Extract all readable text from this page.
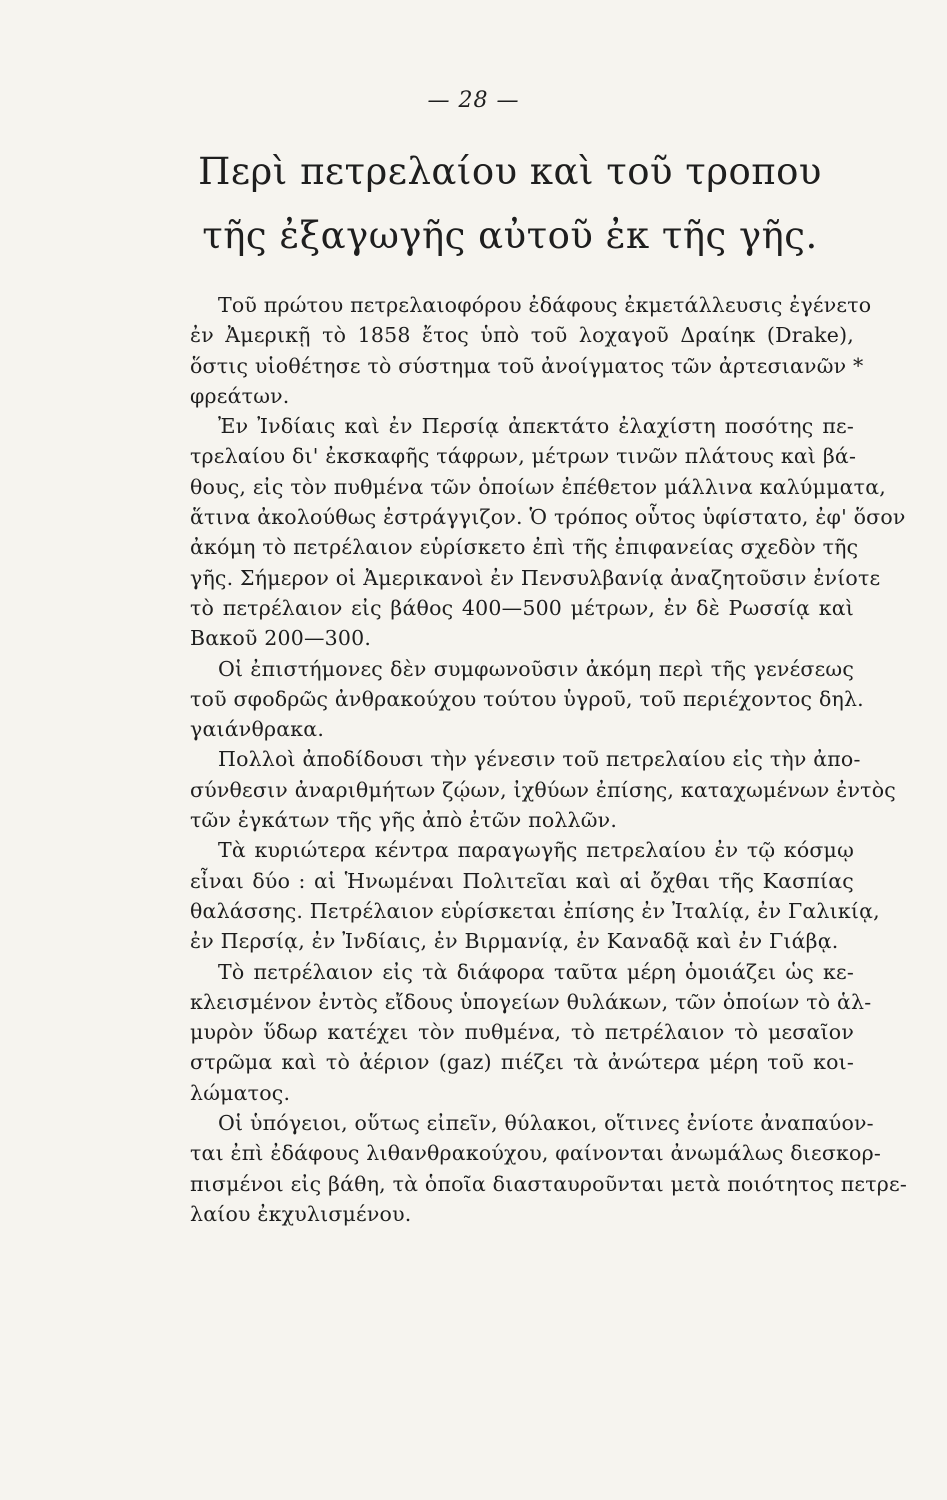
— 28 —
Περὶ πετρελαίου καὶ τοῦ τροπου
τῆς ἐξαγωγῆς αὐτοῦ ἐκ τῆς γῆς.
Τοῦ πρώτου πετρελαιοφόρου ἐδάφους ἐκμετάλλευσις ἐγένετο
ἐν Ἀμερικῇ τὸ 1858 ἔτος ὑπὸ τοῦ λοχαγοῦ Δραίηκ (Drake),
ὅστις υἱοθέτησε τὸ σύστημα τοῦ ἀνοίγματος τῶν ἀρτεσιανῶν *
φρεάτων.
Ἐν Ἰνδίαις καὶ ἐν Περσίᾳ ἀπεκτάτο ἐλαχίστη ποσότης πε-
τρελαίου δι' ἐκσκαφῆς τάφρων, μέτρων τινῶν πλάτους καὶ βά-
θους, εἰς τὸν πυθμένα τῶν ὁποίων ἐπέθετον μάλλινα καλύμματα,
ἅτινα ἀκολούθως ἐστράγγιζον. Ὁ τρόπος οὗτος ὑφίστατο, ἐφ' ὅσον
ἀκόμη τὸ πετρέλαιον εὑρίσκετο ἐπὶ τῆς ἐπιφανείας σχεδὸν τῆς
γῆς. Σήμερον οἱ Ἀμερικανοὶ ἐν Πενσυλβανίᾳ ἀναζητοῦσιν ἐνίοτε
τὸ πετρέλαιον εἰς βάθος 400—500 μέτρων, ἐν δὲ Ρωσσίᾳ καὶ
Βακοῦ 200—300.
Οἱ ἐπιστήμονες δὲν συμφωνοῦσιν ἀκόμη περὶ τῆς γενέσεως
τοῦ σφοδρῶς ἀνθρακούχου τούτου ὑγροῦ, τοῦ περιέχοντος δηλ.
γαιάνθρακα.
Πολλοὶ ἀποδίδουσι τὴν γένεσιν τοῦ πετρελαίου εἰς τὴν ἀπο-
σύνθεσιν ἀναριθμήτων ζῴων, ἰχθύων ἐπίσης, καταχωμένων ἐντὸς
τῶν ἐγκάτων τῆς γῆς ἀπὸ ἐτῶν πολλῶν.
Τὰ κυριώτερα κέντρα παραγωγῆς πετρελαίου ἐν τῷ κόσμῳ
εἶναι δύο : αἱ Ἡνωμέναι Πολιτεῖαι καὶ αἱ ὄχθαι τῆς Κασπίας
θαλάσσης. Πετρέλαιον εὑρίσκεται ἐπίσης ἐν Ἰταλίᾳ, ἐν Γαλικίᾳ,
ἐν Περσίᾳ, ἐν Ἰνδίαις, ἐν Βιρμανίᾳ, ἐν Καναδᾷ καὶ ἐν Γιάβᾳ.
Τὸ πετρέλαιον εἰς τὰ διάφορα ταῦτα μέρη ὁμοιάζει ὡς κε-
κλεισμένον ἐντὸς εἴδους ὑπογείων θυλάκων, τῶν ὁποίων τὸ ἁλ-
μυρὸν ὕδωρ κατέχει τὸν πυθμένα, τὸ πετρέλαιον τὸ μεσαῖον
στρῶμα καὶ τὸ ἀέριον (gaz) πιέζει τὰ ἀνώτερα μέρη τοῦ κοι-
λώματος.
Οἱ ὑπόγειοι, οὕτως εἰπεῖν, θύλακοι, οἵτινες ἐνίοτε ἀναπαύον-
ται ἐπὶ ἐδάφους λιθανθρακούχου, φαίνονται ἀνωμάλως διεσκορ-
πισμένοι εἰς βάθη, τὰ ὁποῖα διασταυροῦνται μετὰ ποιότητος πετρε-
λαίου ἐκχυλισμένου.
